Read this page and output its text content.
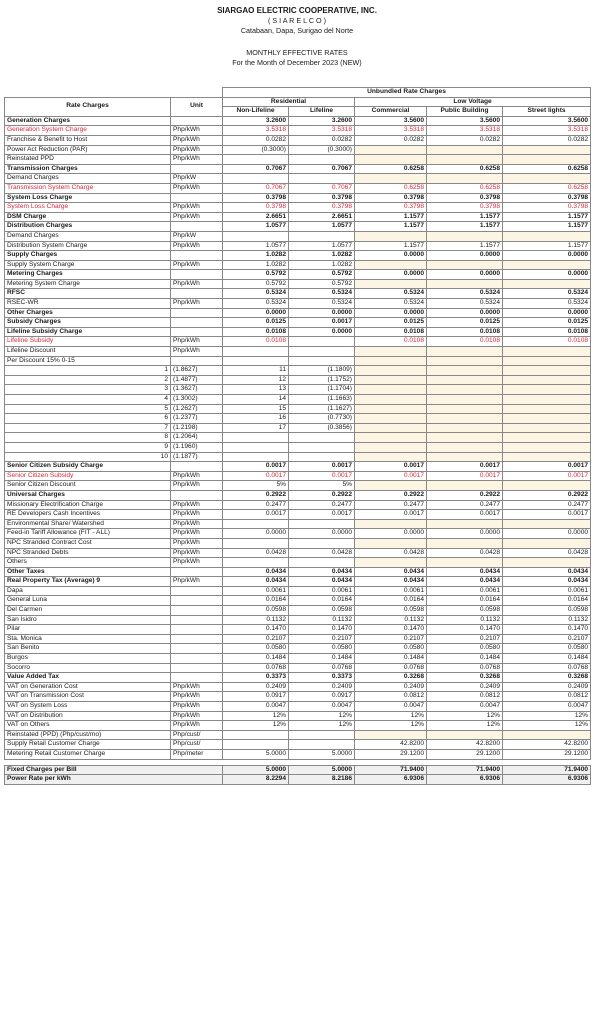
SIARGAO ELECTRIC COOPERATIVE, INC.
( S I A R E L C O )
Catabaan, Dapa, Surigao del Norte
MONTHLY EFFECTIVE RATES
For the Month of December 2023 (NEW)
		Unbundled Rate Charges				
Rate Charges	Unit	Residential		Low Voltage		
		Non-Lifeline	Lifeline	Commercial	Public Building	Street lights
Generation Charges		3.2600	3.2600	3.5600	3.5600	3.5600
Generation System Charge	Php/kWh	3.5318	3.5318	3.5318	3.5318	3.5318
Franchise & Benefit to Host	Php/kWh	0.0282	0.0282	0.0282	0.0282	0.0282
Power Act Reduction (PAR)	Php/kWh	(0.3000)	(0.3000)			
Reinstated PPD	Php/kWh					
Transmission Charges		0.7067	0.7067	0.6258	0.6258	0.6258
Demand Charges	Php/kW					
Transmission System Charge	Php/kWh	0.7067	0.7067	0.6258	0.6258	0.6258
System Loss Charge		0.3798	0.3798	0.3798	0.3798	0.3798
System Loss Charge	Php/kWh	0.3798	0.3798	0.3798	0.3798	0.3798
DSM Charge	Php/kWh	2.6651	2.6651	1.1577	1.1577	1.1577
Distribution Charges		1.0577	1.0577	1.1577	1.1577	1.1577
Demand Charges	Php/kW					
Distribution System Charge	Php/kWh	1.0577	1.0577	1.1577	1.1577	1.1577
Supply Charges		1.0282	1.0282	0.0000	0.0000	0.0000
Supply System Charge	Php/kWh	1.0282	1.0282			
Metering Charges		0.5792	0.5792	0.0000	0.0000	0.0000
Metering System Charge	Php/kWh	0.5792	0.5792			
RFSC		0.5324	0.5324	0.5324	0.5324	0.5324
RSEC-WR	Php/kWh	0.5324	0.5324	0.5324	0.5324	0.5324
Other Charges		0.0000	0.0000	0.0000	0.0000	0.0000
Subsidy Charges		0.0125	0.0017	0.0125	0.0125	0.0125
Lifeline Subsidy Charge		0.0108	0.0000	0.0108	0.0108	0.0108
Lifeline Subsidy	Php/kWh	0.0108		0.0108	0.0108	0.0108
Lifeline Discount	Php/kWh					
Per Discount 15% 0-15						
1	(1.8627)	11	(1.1809)			
2	(1.4877)	12	(1.1752)			
3	(1.3627)	13	(1.1704)			
4	(1.3002)	14	(1.1663)			
5	(1.2627)	15	(1.1627)			
6	(1.2377)	16	(0.7730)			
7	(1.2198)	17	(0.3856)			
8	(1.2064)					
9	(1.1960)					
10	(1.1877)					
Senior Citizen Subsidy Charge		0.0017	0.0017	0.0017	0.0017	0.0017
Senior Citizen Subsidy	Php/kWh	0.0017	0.0017	0.0017	0.0017	0.0017
Senior Citizen Discount	Php/kWh	5%	5%			
Universal Charges		0.2922	0.2922	0.2922	0.2922	0.2922
Missionary Electrification Charge	Php/kWh	0.2477	0.2477	0.2477	0.2477	0.2477
RE Developers Cash Incentives	Php/kWh	0.0017	0.0017	0.0017	0.0017	0.0017
Environmental Share/ Watershed	Php/kWh					
Feed-in Tariff Allowance (FIT - ALL)	Php/kWh	0.0000	0.0000	0.0000	0.0000	0.0000
NPC Stranded Contract Cost	Php/kWh					
NPC Stranded Debts	Php/kWh	0.0428	0.0428	0.0428	0.0428	0.0428
Others	Php/kWh					
Other Taxes		0.0434	0.0434	0.0434	0.0434	0.0434
Real Property Tax (Average) 9	Php/kWh	0.0434	0.0434	0.0434	0.0434	0.0434
Dapa		0.0061	0.0061	0.0061	0.0061	0.0061
General Luna		0.0164	0.0164	0.0164	0.0164	0.0164
Del Carmen		0.0598	0.0598	0.0598	0.0598	0.0598
San Isidro		0.1132	0.1132	0.1132	0.1132	0.1132
Pilar		0.1470	0.1470	0.1470	0.1470	0.1470
Sta. Monica		0.2107	0.2107	0.2107	0.2107	0.2107
San Benito		0.0580	0.0580	0.0580	0.0580	0.0580
Burgos		0.1484	0.1484	0.1484	0.1484	0.1484
Socorro		0.0768	0.0768	0.0768	0.0768	0.0768
Value Added Tax		0.3373	0.3373	0.3268	0.3268	0.3268
VAT on Generation Cost	Php/kWh	0.2409	0.2409	0.2409	0.2409	0.2409
VAT on Transmission Cost	Php/kWh	0.0917	0.0917	0.0812	0.0812	0.0812
VAT on System Loss	Php/kWh	0.0047	0.0047	0.0047	0.0047	0.0047
VAT on Distribution	Php/kWh	12%	12%	12%	12%	12%
VAT on Others	Php/kWh	12%	12%	12%	12%	12%
Reinstated (PPD) (Php/cust/mo)	Php/cust/					
Supply Retail Customer Charge	Php/cust/			42.8200	42.8200	42.8200
Metering Retail Customer Charge	Php/meter	5.0000	5.0000	29.1200	29.1200	29.1200

Fixed Charges per Bill		5.0000	5.0000	71.9400	71.9400	71.9400
Power Rate per kWh		8.2294	8.2186	6.9306	6.9306	6.9306
